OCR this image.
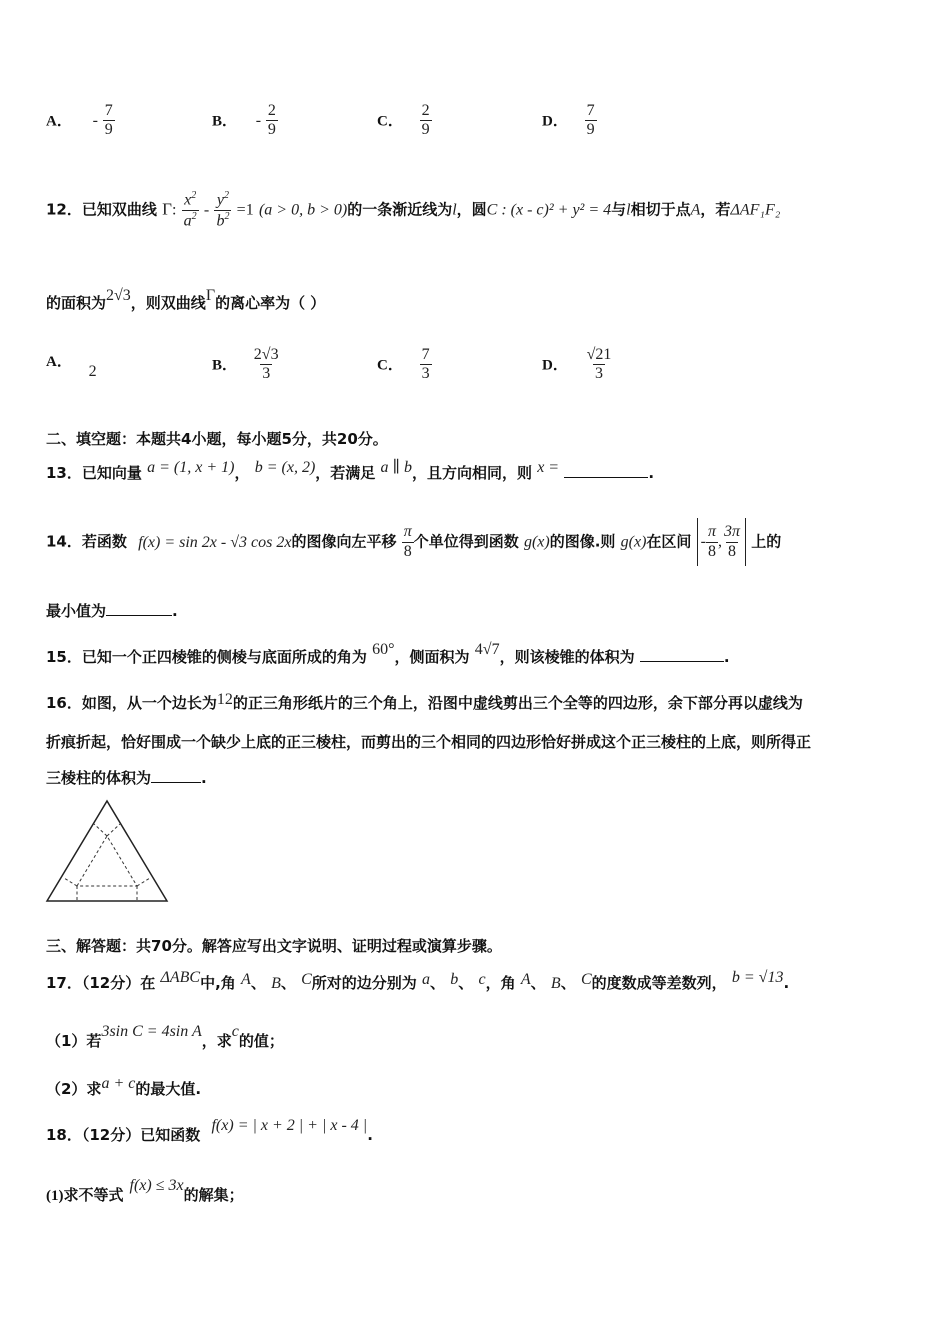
A． - $\frac{7}{9}$	B． - $\frac{2}{9}$	C． $\frac{2}{9}$	D． $\frac{7}{9}$
12．已知双曲线 Γ: $\frac{x^2}{a^2} - \frac{y^2}{b^2} =1$ (a > 0, b > 0)的一条渐近线为l，圆C : (x - c)² + y² = 4与l相切于点A，若ΔAF₁F₂
的面积为2√3，则双曲线Γ的离心率为（ ）
A． 2	B． $\frac{2√3}{3}$	C． $\frac{7}{3}$	D． $\frac{√21}{3}$
二、填空题：本题共4小题，每小题5分，共20分。
13．已知向量 a = (1, x + 1)， b = (x, 2)，若满足 a ∥ b，且方向相同，则 x =	.
14．若函数 f(x) = sin 2x - √3 cos 2x的图像向左平移 $\frac{\pi}{8}$ 个单位得到函数 g(x)的图像.则 g(x)在区间 - $\frac{\pi}{8}$ , $\frac{3\pi}{8}$ 上的
最小值为	.
15．已知一个正四棱锥的侧棱与底面所成的角为 60°，侧面积为 4√7，则该棱锥的体积为	.
16．如图，从一个边长为12的正三角形纸片的三个角上，沿图中虚线剪出三个全等的四边形，余下部分再以虚线为
折痕折起，恰好围成一个缺少上底的正三棱柱，而剪出的三个相同的四边形恰好拼成这个正三棱柱的上底，则所得正
三棱柱的体积为	.
三、解答题：共70分。解答应写出文字说明、证明过程或演算步骤。
17．（12分）在 ΔABC中,角 A、 B、 C所对的边分别为 a、 b、 c，角 A、 B、 C的度数成等差数列， b = √13.
（1）若3sin C = 4sin A，求c的值；
（2）求a + c的最大值.
18．（12分）已知函数 f(x) = | x + 2 | + | x - 4 |.
(1)求不等式f(x) ≤ 3x的解集；
